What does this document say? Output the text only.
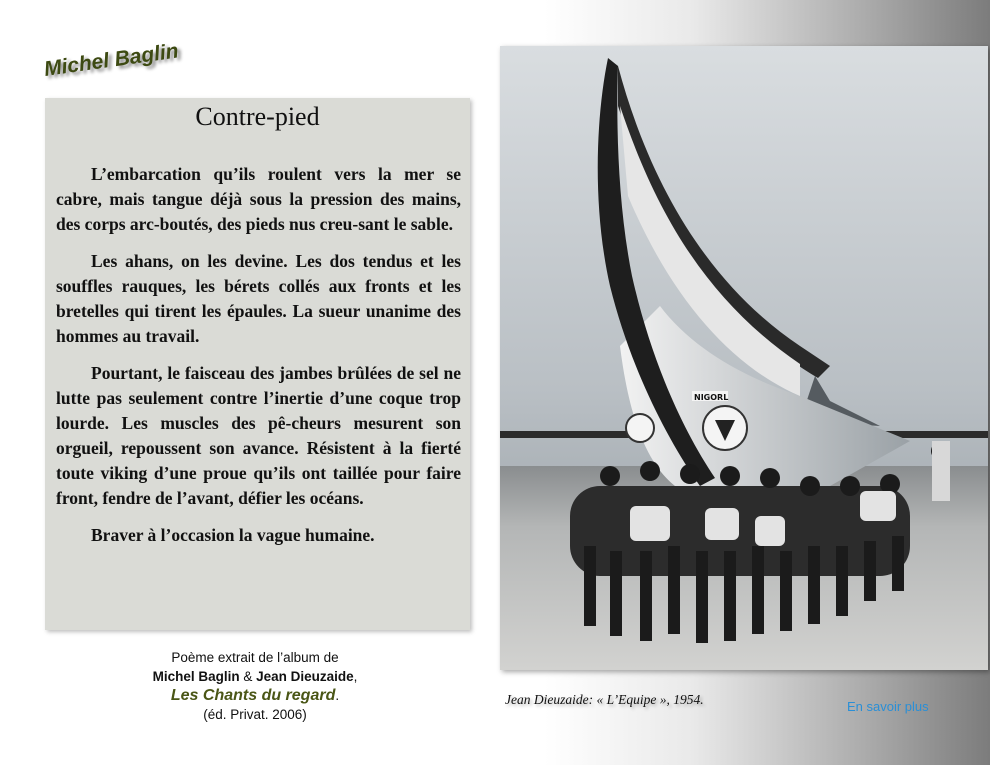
Michel Baglin
Contre-pied

L’embarcation qu’ils roulent vers la mer se cabre, mais tangue déjà sous la pression des mains, des corps arc-boutés, des pieds nus creu-sant le sable.

Les ahans, on les devine. Les dos tendus et les souffles rauques, les bérets collés aux fronts et les bretelles qui tirent les épaules. La sueur unanime des hommes au travail.

Pourtant, le faisceau des jambes brûlées de sel ne lutte pas seulement contre l’inertie d’une coque trop lourde. Les muscles des pê-cheurs mesurent son orgueil, repoussent son avance. Résistent à la fierté toute viking d’une proue qu’ils ont taillée pour faire front, fendre de l’avant, défier les océans.

Braver à l’occasion la vague humaine.

Poème extrait de l’album de
Michel Baglin & Jean Dieuzaide,
Les Chants du regard.
(éd. Privat. 2006)
NIGORL
Jean Dieuzaide: « L’Equipe », 1954.	En savoir plus
